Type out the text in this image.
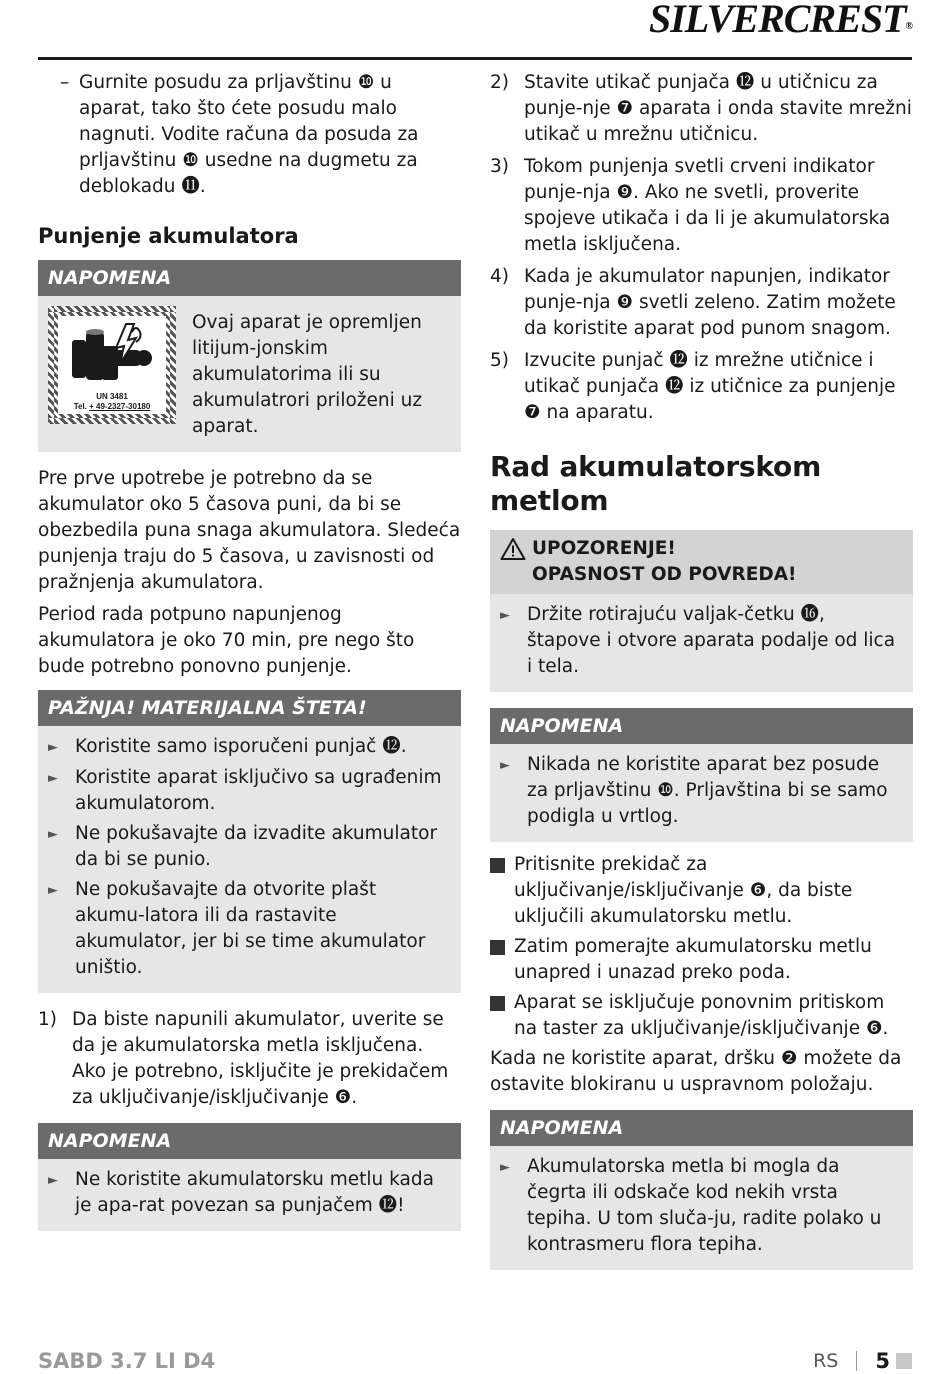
SILVERCREST®
– Gurnite posudu za prljavštinu ❿ u aparat, tako što ćete posudu malo nagnuti. Vodite računa da posuda za prljavštinu ❿ usedne na dugmetu za deblokadu ⓫.
Punjenje akumulatora
NAPOMENA
UN 3481
Tel. + 49-2327-30180
Ovaj aparat je opremljen litijum-jonskim akumulatorima ili su akumulatrori priloženi uz aparat.

Pre prve upotrebe je potrebno da se akumulator oko 5 časova puni, da bi se obezbedila puna snaga akumulatora. Sledeća punjenja traju do 5 časova, u zavisnosti od pražnjenja akumulatora.

Period rada potpuno napunjenog akumulatora je oko 70 min, pre nego što bude potrebno ponovno punjenje.

PAŽNJA! MATERIJALNA ŠTETA!
► Koristite samo isporučeni punjač ⓬.
► Koristite aparat isključivo sa ugrađenim akumulatorom.
► Ne pokušavajte da izvadite akumulator da bi se punio.
► Ne pokušavajte da otvorite plašt akumu-latora ili da rastavite akumulator, jer bi se time akumulator uništio.
1) Da biste napunili akumulator, uverite se da je akumulatorska metla isključena.
Ako je potrebno, isključite je prekidačem za uključivanje/isključivanje ❻.
NAPOMENA
► Ne koristite akumulatorsku metlu kada je apa-rat povezan sa punjačem ⓬!
2) Stavite utikač punjača ⓬ u utičnicu za punje-nje ❼ aparata i onda stavite mrežni utikač u mrežnu utičnicu.
3) Tokom punjenja svetli crveni indikator punje-nja ❾. Ako ne svetli, proverite spojeve utikača i da li je akumulatorska metla isključena.
4) Kada je akumulator napunjen, indikator punje-nja ❾ svetli zeleno. Zatim možete da koristite aparat pod punom snagom.
5) Izvucite punjač ⓬ iz mrežne utičnice i utikač punjača ⓬ iz utičnice za punjenje ❼ na aparatu.
Rad akumulatorskom metlom
UPOZORENJE!
OPASNOST OD POVREDA!
► Držite rotirajuću valjak-četku ⓰, štapove i otvore aparata podalje od lica i tela.
NAPOMENA
► Nikada ne koristite aparat bez posude za prljavštinu ❿. Prljavština bi se samo podigla u vrtlog.
Pritisnite prekidač za uključivanje/isključivanje ❻, da biste uključili akumulatorsku metlu.
Zatim pomerajte akumulatorsku metlu unapred i unazad preko poda.
Aparat se isključuje ponovnim pritiskom na taster za uključivanje/isključivanje ❻.

Kada ne koristite aparat, dršku ❷ možete da ostavite blokiranu u uspravnom položaju.

NAPOMENA
► Akumulatorska metla bi mogla da čegrta ili odskače kod nekih vrsta tepiha. U tom sluča-ju, radite polako u kontrasmeru flora tepiha.
SABD 3.7 LI D4	RS 5
